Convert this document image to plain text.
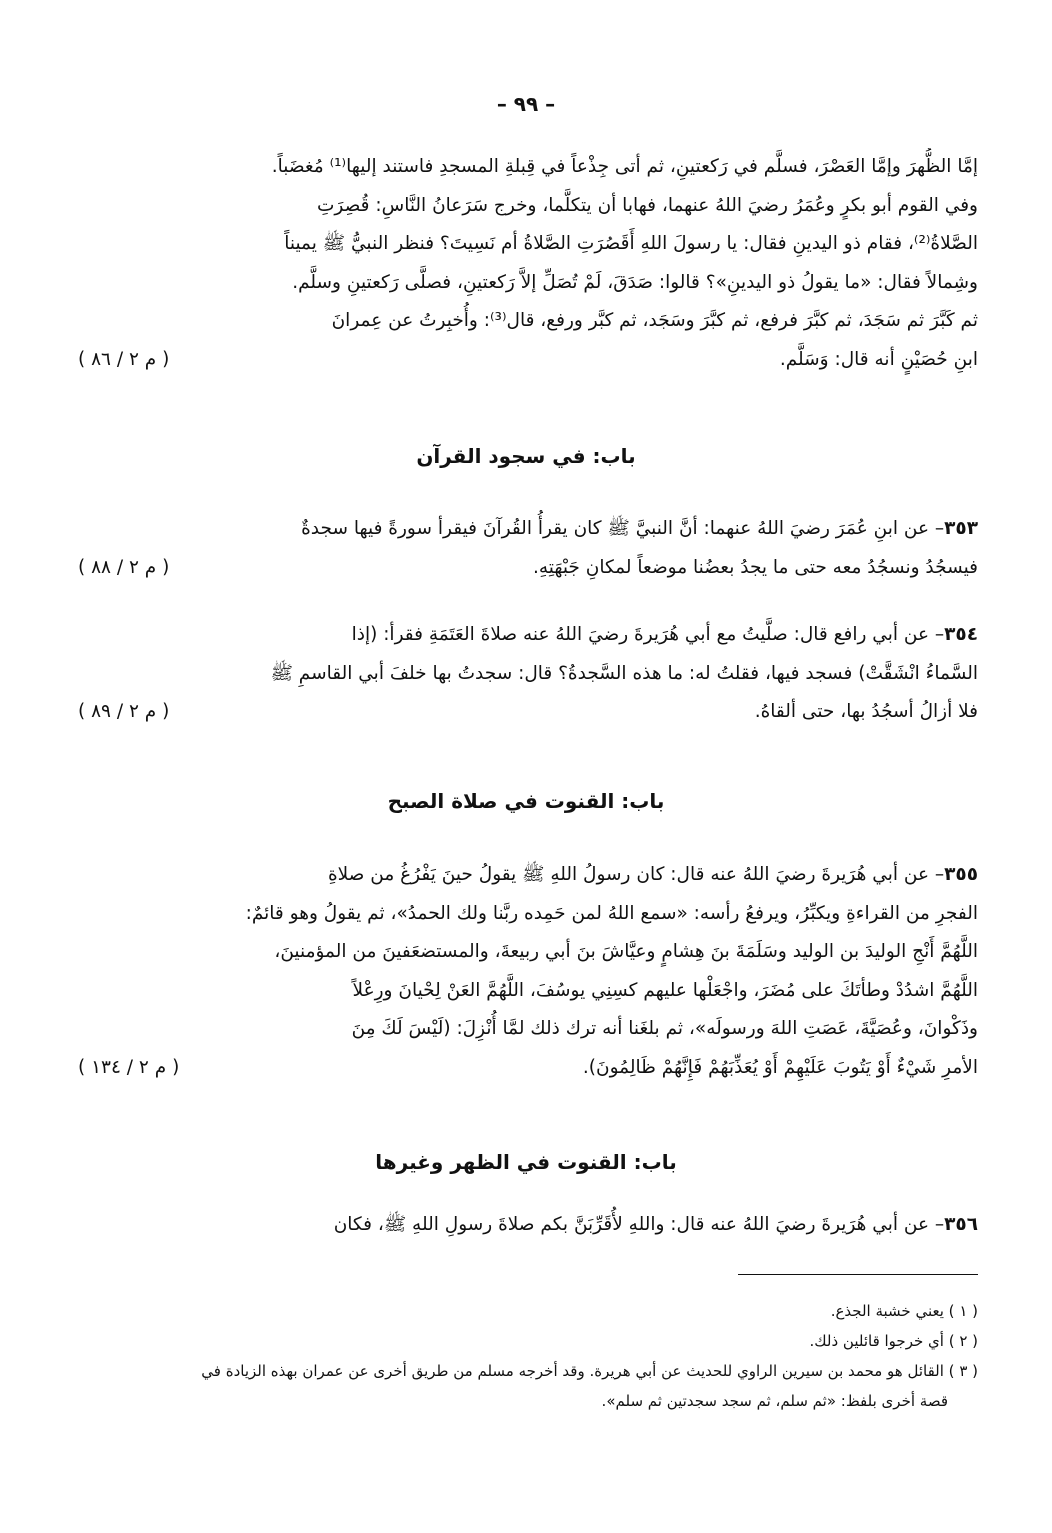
– ٩٩ –
إمَّا الظُّهرَ وإمَّا العَصْرَ، فسلَّم في رَكعتينِ، ثم أتى جِذْعاً في قِبلةِ المسجدِ فاستند إليها⁽¹⁾ مُغضَباً.
وفي القوم أبو بكرٍ وعُمَرُ رضيَ اللهُ عنهما، فهابا أن يتكلَّما، وخرج سَرَعانُ النَّاسِ: قُصِرَتِ
الصَّلاةُ⁽²⁾، فقام ذو اليدينِ فقال: يا رسولَ اللهِ أَقَصُرَتِ الصَّلاةُ أم نَسِيتَ؟ فنظر النبيُّ ﷺ يميناً
وشِمالاً فقال: «ما يقولُ ذو اليدينِ»؟ قالوا: صَدَقَ، لَمْ تُصَلِّ إلاَّ رَكعتينِ، فصلَّى رَكعتينِ وسلَّم.
ثم كَبَّرَ ثم سَجَدَ، ثم كبَّرَ فرفع، ثم كبَّرَ وسَجَد، ثم كبَّر ورفع، قال⁽³⁾: وأُخبِرتُ عن عِمرانَ
ابنِ حُصَيْنٍ أنه قال: وَسَلَّم.
( م ٢ / ٨٦ )
باب: في سجود القرآن
٣٥٣– عن ابنِ عُمَرَ رضيَ اللهُ عنهما: أنَّ النبيَّ ﷺ كان يقرأُ القُرآنَ فيقرأ سورةً فيها سجدةٌ
فيسجُدُ ونسجُدُ معه حتى ما يجدُ بعضُنا موضعاً لمكانِ جَبْهَتِهِ.
( م ٢ / ٨٨ )
٣٥٤– عن أبي رافع قال: صلَّيتُ مع أبي هُرَيرةَ رضيَ اللهُ عنه صلاةَ العَتَمَةِ فقرأ: (إذا
السَّماءُ انْشَقَّتْ) فسجد فيها، فقلتُ له: ما هذه السَّجدةُ؟ قال: سجدتُ بها خلفَ أبي القاسمِ ﷺ
فلا أزالُ أسجُدُ بها، حتى ألقاهُ.
( م ٢ / ٨٩ )
باب: القنوت في صلاة الصبح
٣٥٥– عن أبي هُرَيرةَ رضيَ اللهُ عنه قال: كان رسولُ اللهِ ﷺ يقولُ حينَ يَفْرُغُ من صلاةِ
الفجرِ من القراءةِ ويكبِّرُ، ويرفعُ رأسه: «سمع اللهُ لمن حَمِده ربَّنا ولك الحمدُ»، ثم يقولُ وهو قائمٌ:
اللَّهُمَّ أَنْجِ الوليدَ بن الوليد وسَلَمَةَ بنَ هِشامٍ وعيَّاشَ بنَ أبي ربيعةَ، والمستضعَفينَ من المؤمنينَ،
اللَّهُمَّ اشدُدْ وطأتَكَ على مُضَرَ، واجْعَلْها عليهم كسِنِي يوسُفَ، اللَّهُمَّ العَنْ لِحْيانَ ورِعْلاً
وذَكْوانَ، وعُصَيَّةَ، عَصَتِ اللهَ ورسولَه»، ثم بلغَنا أنه ترك ذلك لمَّا أُنْزِلَ: (لَيْسَ لَكَ مِنَ
الأمرِ شَيْءٌ أَوْ يَتُوبَ عَلَيْهِمْ أَوْ يُعَذِّبَهُمْ فَإِنَّهُمْ ظَالِمُونَ).
( م ٢ / ١٣٤ )
باب: القنوت في الظهر وغيرها
٣٥٦– عن أبي هُرَيرةَ رضيَ اللهُ عنه قال: واللهِ لأُقَرِّبَنَّ بكم صلاةَ رسولِ اللهِ ﷺ، فكان
( ١ ) يعني خشبة الجذع.
( ٢ ) أي خرجوا قائلين ذلك.
( ٣ ) القائل هو محمد بن سيرين الراوي للحديث عن أبي هريرة. وقد أخرجه مسلم من طريق أخرى عن عمران بهذه الزيادة في
قصة أخرى بلفظ: «ثم سلم، ثم سجد سجدتين ثم سلم».
